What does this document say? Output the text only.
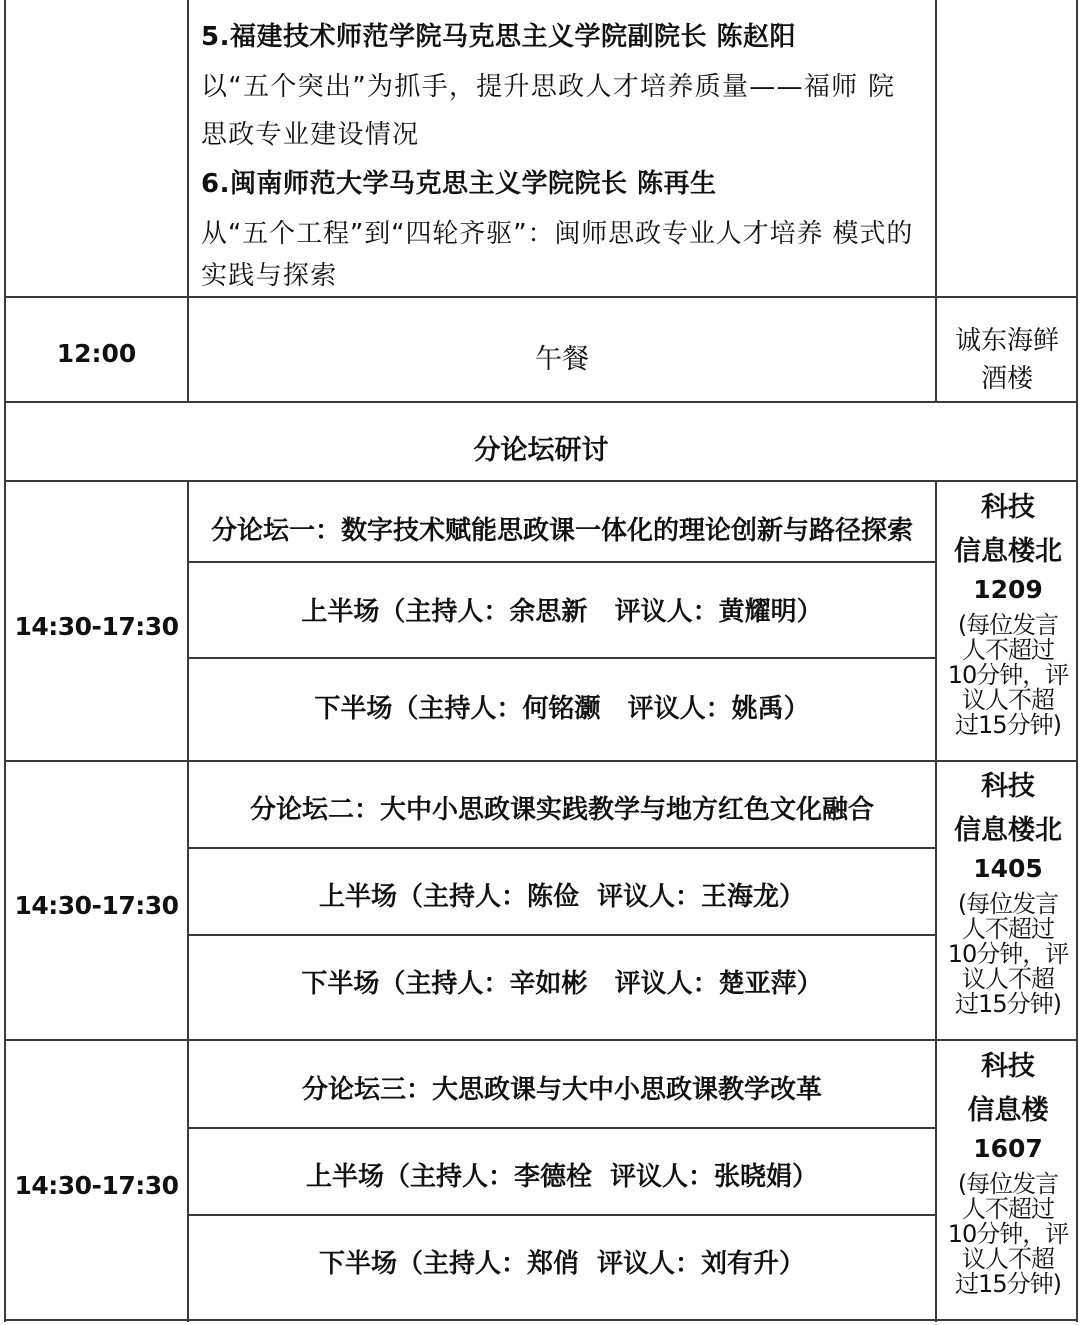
5.福建技术师范学院马克思主义学院副院长 陈赵阳
以“五个突出”为抓手，提升思政人才培养质量——福师 院
思政专业建设情况
6.闽南师范大学马克思主义学院院长 陈再生
从“五个工程”到“四轮齐驱”：闽师思政专业人才培养 模式的
实践与探索
12:00	午餐
诚东海鲜
酒楼
分论坛研讨
14:30-17:30
分论坛一：数字技术赋能思政课一体化的理论创新与路径探索
上半场（主持人：余思新   评议人：黄耀明）
下半场（主持人：何铭灏   评议人：姚禹）
科技
信息楼北
1209
(每位发言
人不超过
10分钟，评
议人不超
过15分钟)
14:30-17:30
分论坛二：大中小思政课实践教学与地方红色文化融合
上半场（主持人：陈俭  评议人：王海龙）
下半场（主持人：辛如彬   评议人：楚亚萍）
科技
信息楼北
1405
(每位发言
人不超过
10分钟，评
议人不超
过15分钟)
14:30-17:30
分论坛三：大思政课与大中小思政课教学改革
上半场（主持人：李德栓  评议人：张晓娟）
下半场（主持人：郑俏  评议人：刘有升）
科技
信息楼
1607
(每位发言
人不超过
10分钟，评
议人不超
过15分钟)
